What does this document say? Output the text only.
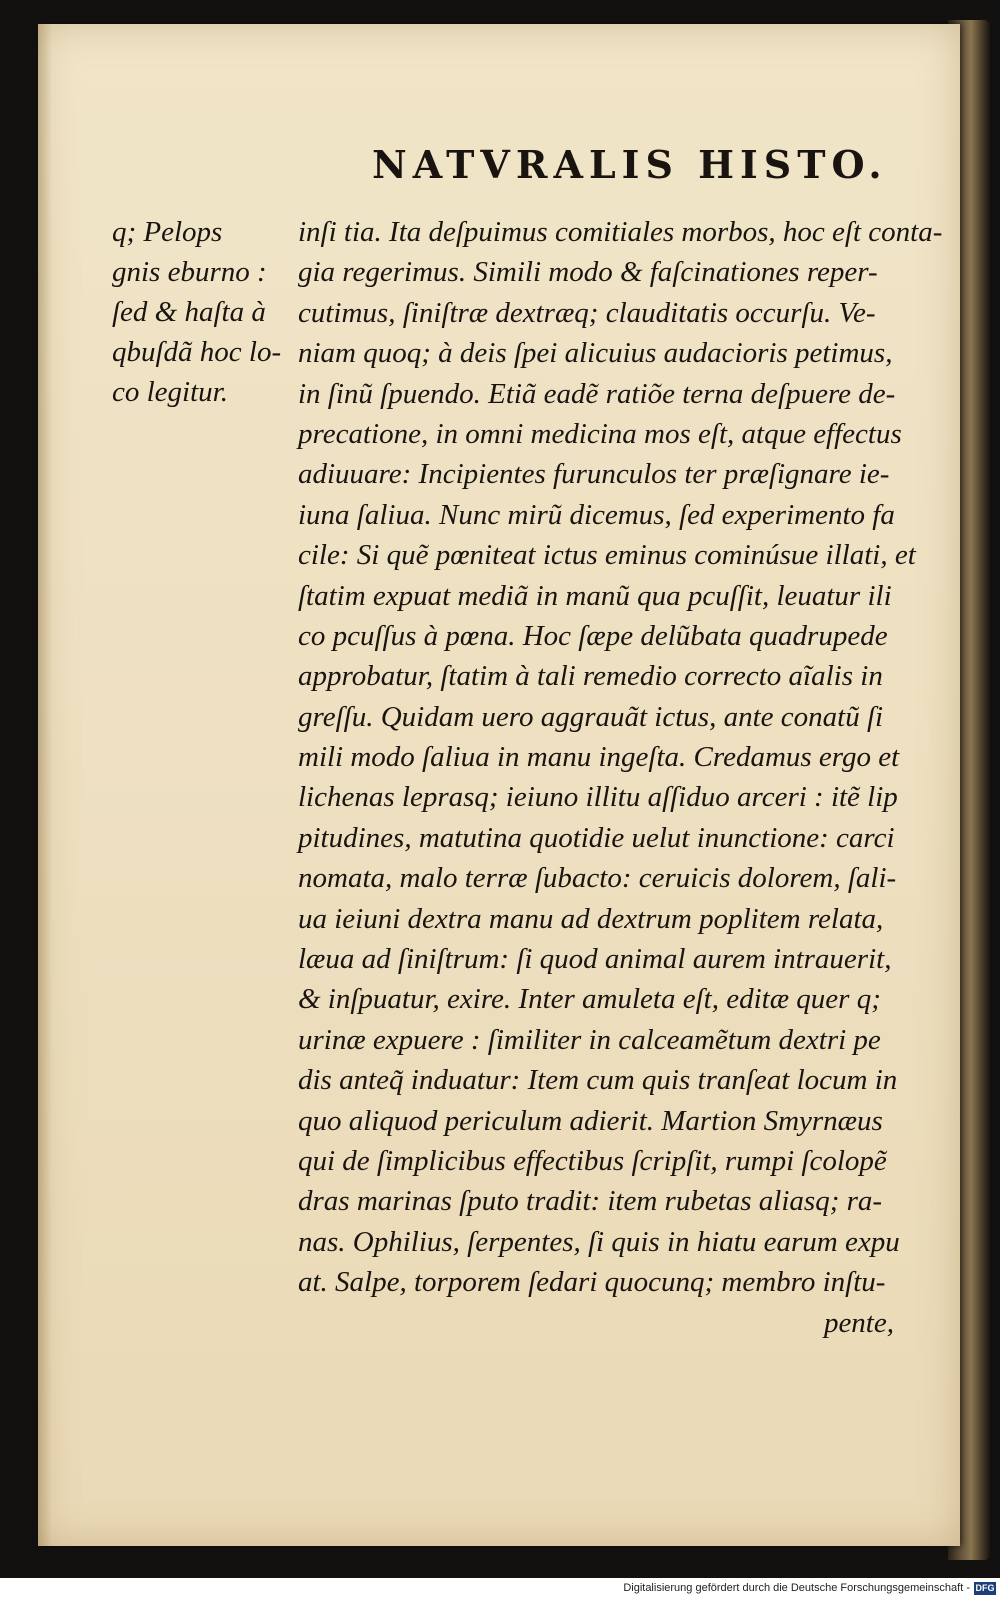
NATVRALIS HISTO.
q; Pelops
gnis eburno :
ſed & haſta à
qbuſdã hoc lo-
co legitur.
inſi tia. Ita deſpuimus comitiales morbos, hoc eſt conta-
gia regerimus. Simili modo & faſcinationes reper-
cutimus, ſiniſtræ dextræq; clauditatis occurſu. Ve-
niam quoq; à deis ſpei alicuius audacioris petimus,
in ſinũ ſpuendo. Etiã eadẽ ratiõe terna deſpuere de-
precatione, in omni medicina mos eſt, atque effectus
adiuuare: Incipientes furunculos ter præſignare ie-
iuna ſaliua. Nunc mirũ dicemus, ſed experimento fa
cile: Si quẽ pœniteat ictus eminus cominúsue illati, et
ſtatim expuat mediã in manũ qua pcuſſit, leuatur ili
co pcuſſus à pœna. Hoc ſæpe delũbata quadrupede
approbatur, ſtatim à tali remedio correcto aĩalis in
greſſu. Quidam uero aggrauãt ictus, ante conatũ ſi
mili modo ſaliua in manu ingeſta. Credamus ergo et
lichenas leprasq; ieiuno illitu aſſiduo arceri : itẽ lip
pitudines, matutina quotidie uelut inunctione: carci
nomata, malo terræ ſubacto: ceruicis dolorem, ſali-
ua ieiuni dextra manu ad dextrum poplitem relata,
læua ad ſiniſtrum: ſi quod animal aurem intrauerit,
& inſpuatur, exire. Inter amuleta eſt, editæ quer q;
urinæ expuere : ſimiliter in calceamẽtum dextri pe
dis anteq̃ induatur: Item cum quis tranſeat locum in
quo aliquod periculum adierit. Martion Smyrnæus
qui de ſimplicibus effectibus ſcripſit, rumpi ſcolopẽ
dras marinas ſputo tradit: item rubetas aliasq; ra-
nas. Ophilius, ſerpentes, ſi quis in hiatu earum expu
at. Salpe, torporem ſedari quocunq; membro inſtu-
pente,
Digitalisierung gefördert durch die Deutsche Forschungsgemeinschaft - DFG
